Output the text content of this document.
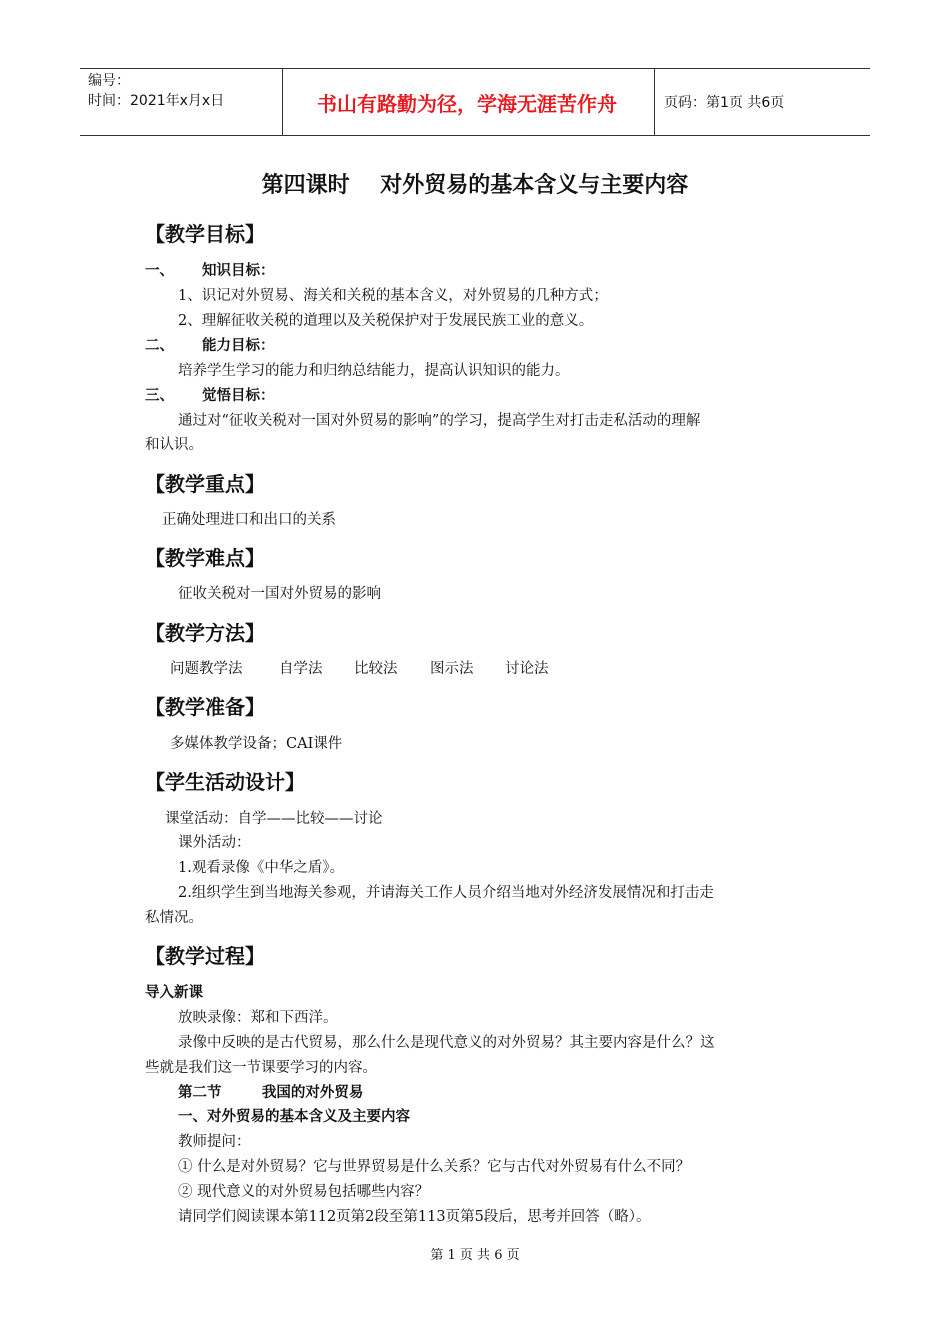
编号：
时间：2021年x月x日	书山有路勤为径，学海无涯苦作舟	页码：第1页 共6页
第四课时    对外贸易的基本含义与主要内容
【教学目标】
一、 知识目标：
1、识记对外贸易、海关和关税的基本含义，对外贸易的几种方式；
2、理解征收关税的道理以及关税保护对于发展民族工业的意义。
二、 能力目标：
培养学生学习的能力和归纳总结能力，提高认识知识的能力。
三、 觉悟目标：
通过对“征收关税对一国对外贸易的影响”的学习，提高学生对打击走私活动的理解
和认识。
【教学重点】
正确处理进口和出口的关系
【教学难点】
征收关税对一国对外贸易的影响
【教学方法】
问题教学法	自学法 比较法 图示法 讨论法
【教学准备】
多媒体教学设备；CAI课件
【学生活动设计】
课堂活动：自学——比较——讨论
课外活动：
1.观看录像《中华之盾》。
2.组织学生到当地海关参观，并请海关工作人员介绍当地对外经济发展情况和打击走
私情况。
【教学过程】
导入新课
放映录像：郑和下西洋。
录像中反映的是古代贸易，那么什么是现代意义的对外贸易？其主要内容是什么？这
些就是我们这一节课要学习的内容。
第二节        我国的对外贸易
一、对外贸易的基本含义及主要内容
教师提问：
① 什么是对外贸易？它与世界贸易是什么关系？它与古代对外贸易有什么不同？
② 现代意义的对外贸易包括哪些内容？
请同学们阅读课本第112页第2段至第113页第5段后，思考并回答（略）。
第 1 页 共 6 页
